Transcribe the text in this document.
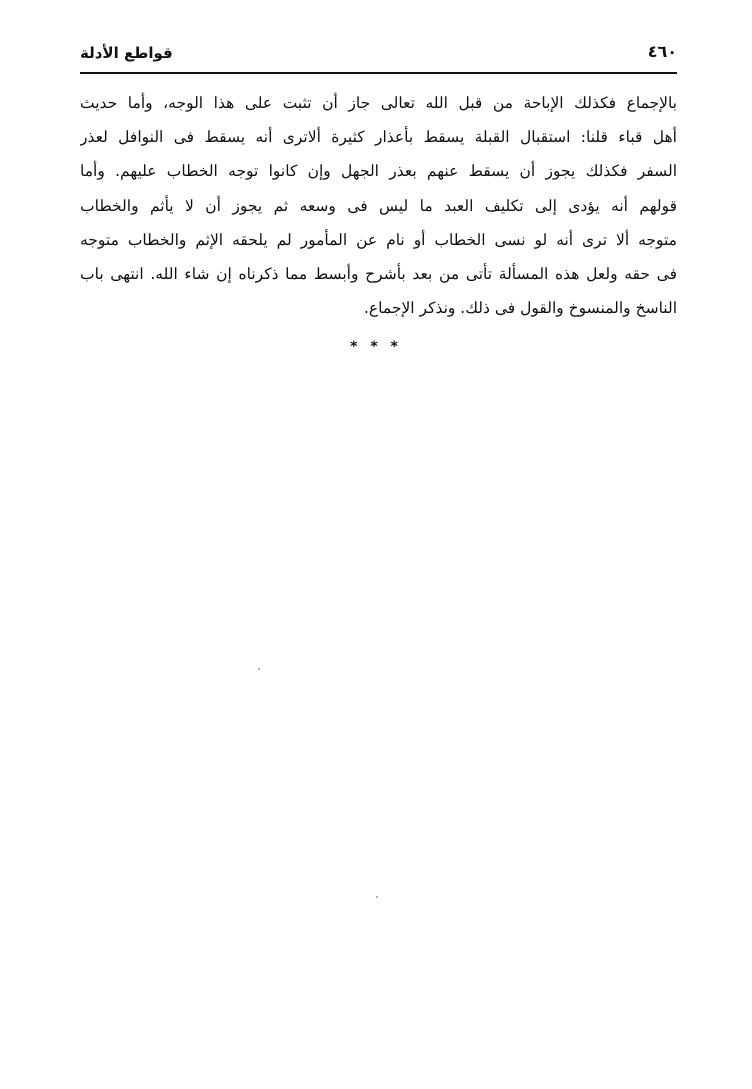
قواطع الأدلة	٤٦٠
بالإجماع فكذلك الإباحة من قبل الله تعالى جاز أن تثبت على هذا الوجه، وأما حديث
أهل قباء قلنا: استقبال القبلة يسقط بأعذار كثيرة ألاترى أنه يسقط فى النوافل لعذر
السفر فكذلك يجوز أن يسقط عنهم بعذر الجهل وإن كانوا توجه الخطاب عليهم. وأما
قولهم أنه يؤدى إلى تكليف العبد ما ليس فى وسعه ثم يجوز أن لا يأثم والخطاب
متوجه ألا ترى أنه لو نسى الخطاب أو نام عن المأمور لم يلحقه الإثم والخطاب متوجه
فى حقه ولعل هذه المسألة تأتى من بعد بأشرح وأبسط مما ذكرناه إن شاء الله. انتهى باب
الناسخ والمنسوخ والقول فى ذلك. ونذكر الإجماع.
* * *
